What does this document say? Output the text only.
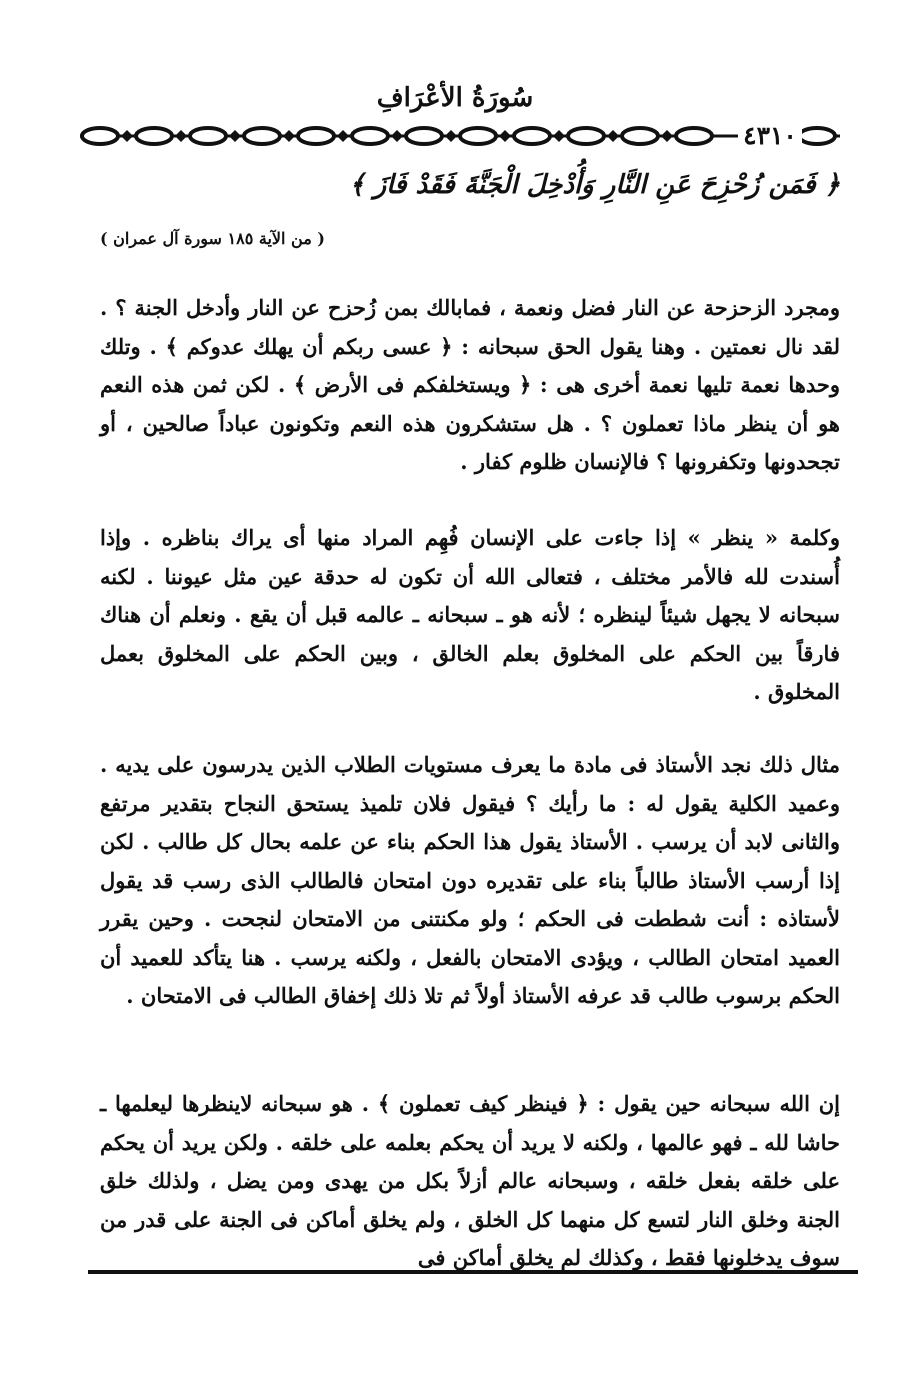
سُورَةُ الأعْرَافِ
٤٣١٠
﴿ فَمَن زُحْزِحَ عَنِ النَّارِ وَأُدْخِلَ الْجَنَّةَ فَقَدْ فَازَ ﴾
( من الآية ١٨٥ سورة آل عمران )

ومجرد الزحزحة عن النار فضل ونعمة ، فمابالك بمن زُحزح عن النار وأدخل الجنة ؟ . لقد نال نعمتين . وهنا يقول الحق سبحانه : ﴿ عسى ربكم أن يهلك عدوكم ﴾ . وتلك وحدها نعمة تليها نعمة أخرى هى : ﴿ ويستخلفكم فى الأرض ﴾ . لكن ثمن هذه النعم هو أن ينظر ماذا تعملون ؟ . هل ستشكرون هذه النعم وتكونون عباداً صالحين ، أو تجحدونها وتكفرونها ؟ فالإنسان ظلوم كفار .

وكلمة « ينظر » إذا جاءت على الإنسان فُهِم المراد منها أى يراك بناظره . وإذا أُسندت لله فالأمر مختلف ، فتعالى الله أن تكون له حدقة عين مثل عيوننا . لكنه سبحانه لا يجهل شيئاً لينظره ؛ لأنه هو ـ سبحانه ـ عالمه قبل أن يقع . ونعلم أن هناك فارقاً بين الحكم على المخلوق بعلم الخالق ، وبين الحكم على المخلوق بعمل المخلوق .

مثال ذلك نجد الأستاذ فى مادة ما يعرف مستويات الطلاب الذين يدرسون على يديه . وعميد الكلية يقول له : ما رأيك ؟ فيقول فلان تلميذ يستحق النجاح بتقدير مرتفع والثانى لابد أن يرسب . الأستاذ يقول هذا الحكم بناء عن علمه بحال كل طالب . لكن إذا أرسب الأستاذ طالباً بناء على تقديره دون امتحان فالطالب الذى رسب قد يقول لأستاذه : أنت شططت فى الحكم ؛ ولو مكنتنى من الامتحان لنجحت . وحين يقرر العميد امتحان الطالب ، ويؤدى الامتحان بالفعل ، ولكنه يرسب . هنا يتأكد للعميد أن الحكم برسوب طالب قد عرفه الأستاذ أولاً ثم تلا ذلك إخفاق الطالب فى الامتحان .

إن الله سبحانه حين يقول : ﴿ فينظر كيف تعملون ﴾ . هو سبحانه لاينظرها ليعلمها ـ حاشا لله ـ فهو عالمها ، ولكنه لا يريد أن يحكم بعلمه على خلقه . ولكن يريد أن يحكم على خلقه بفعل خلقه ، وسبحانه عالم أزلاً بكل من يهدى ومن يضل ، ولذلك خلق الجنة وخلق النار لتسع كل منهما كل الخلق ، ولم يخلق أماكن فى الجنة على قدر من سوف يدخلونها فقط ، وكذلك لم يخلق أماكن فى
